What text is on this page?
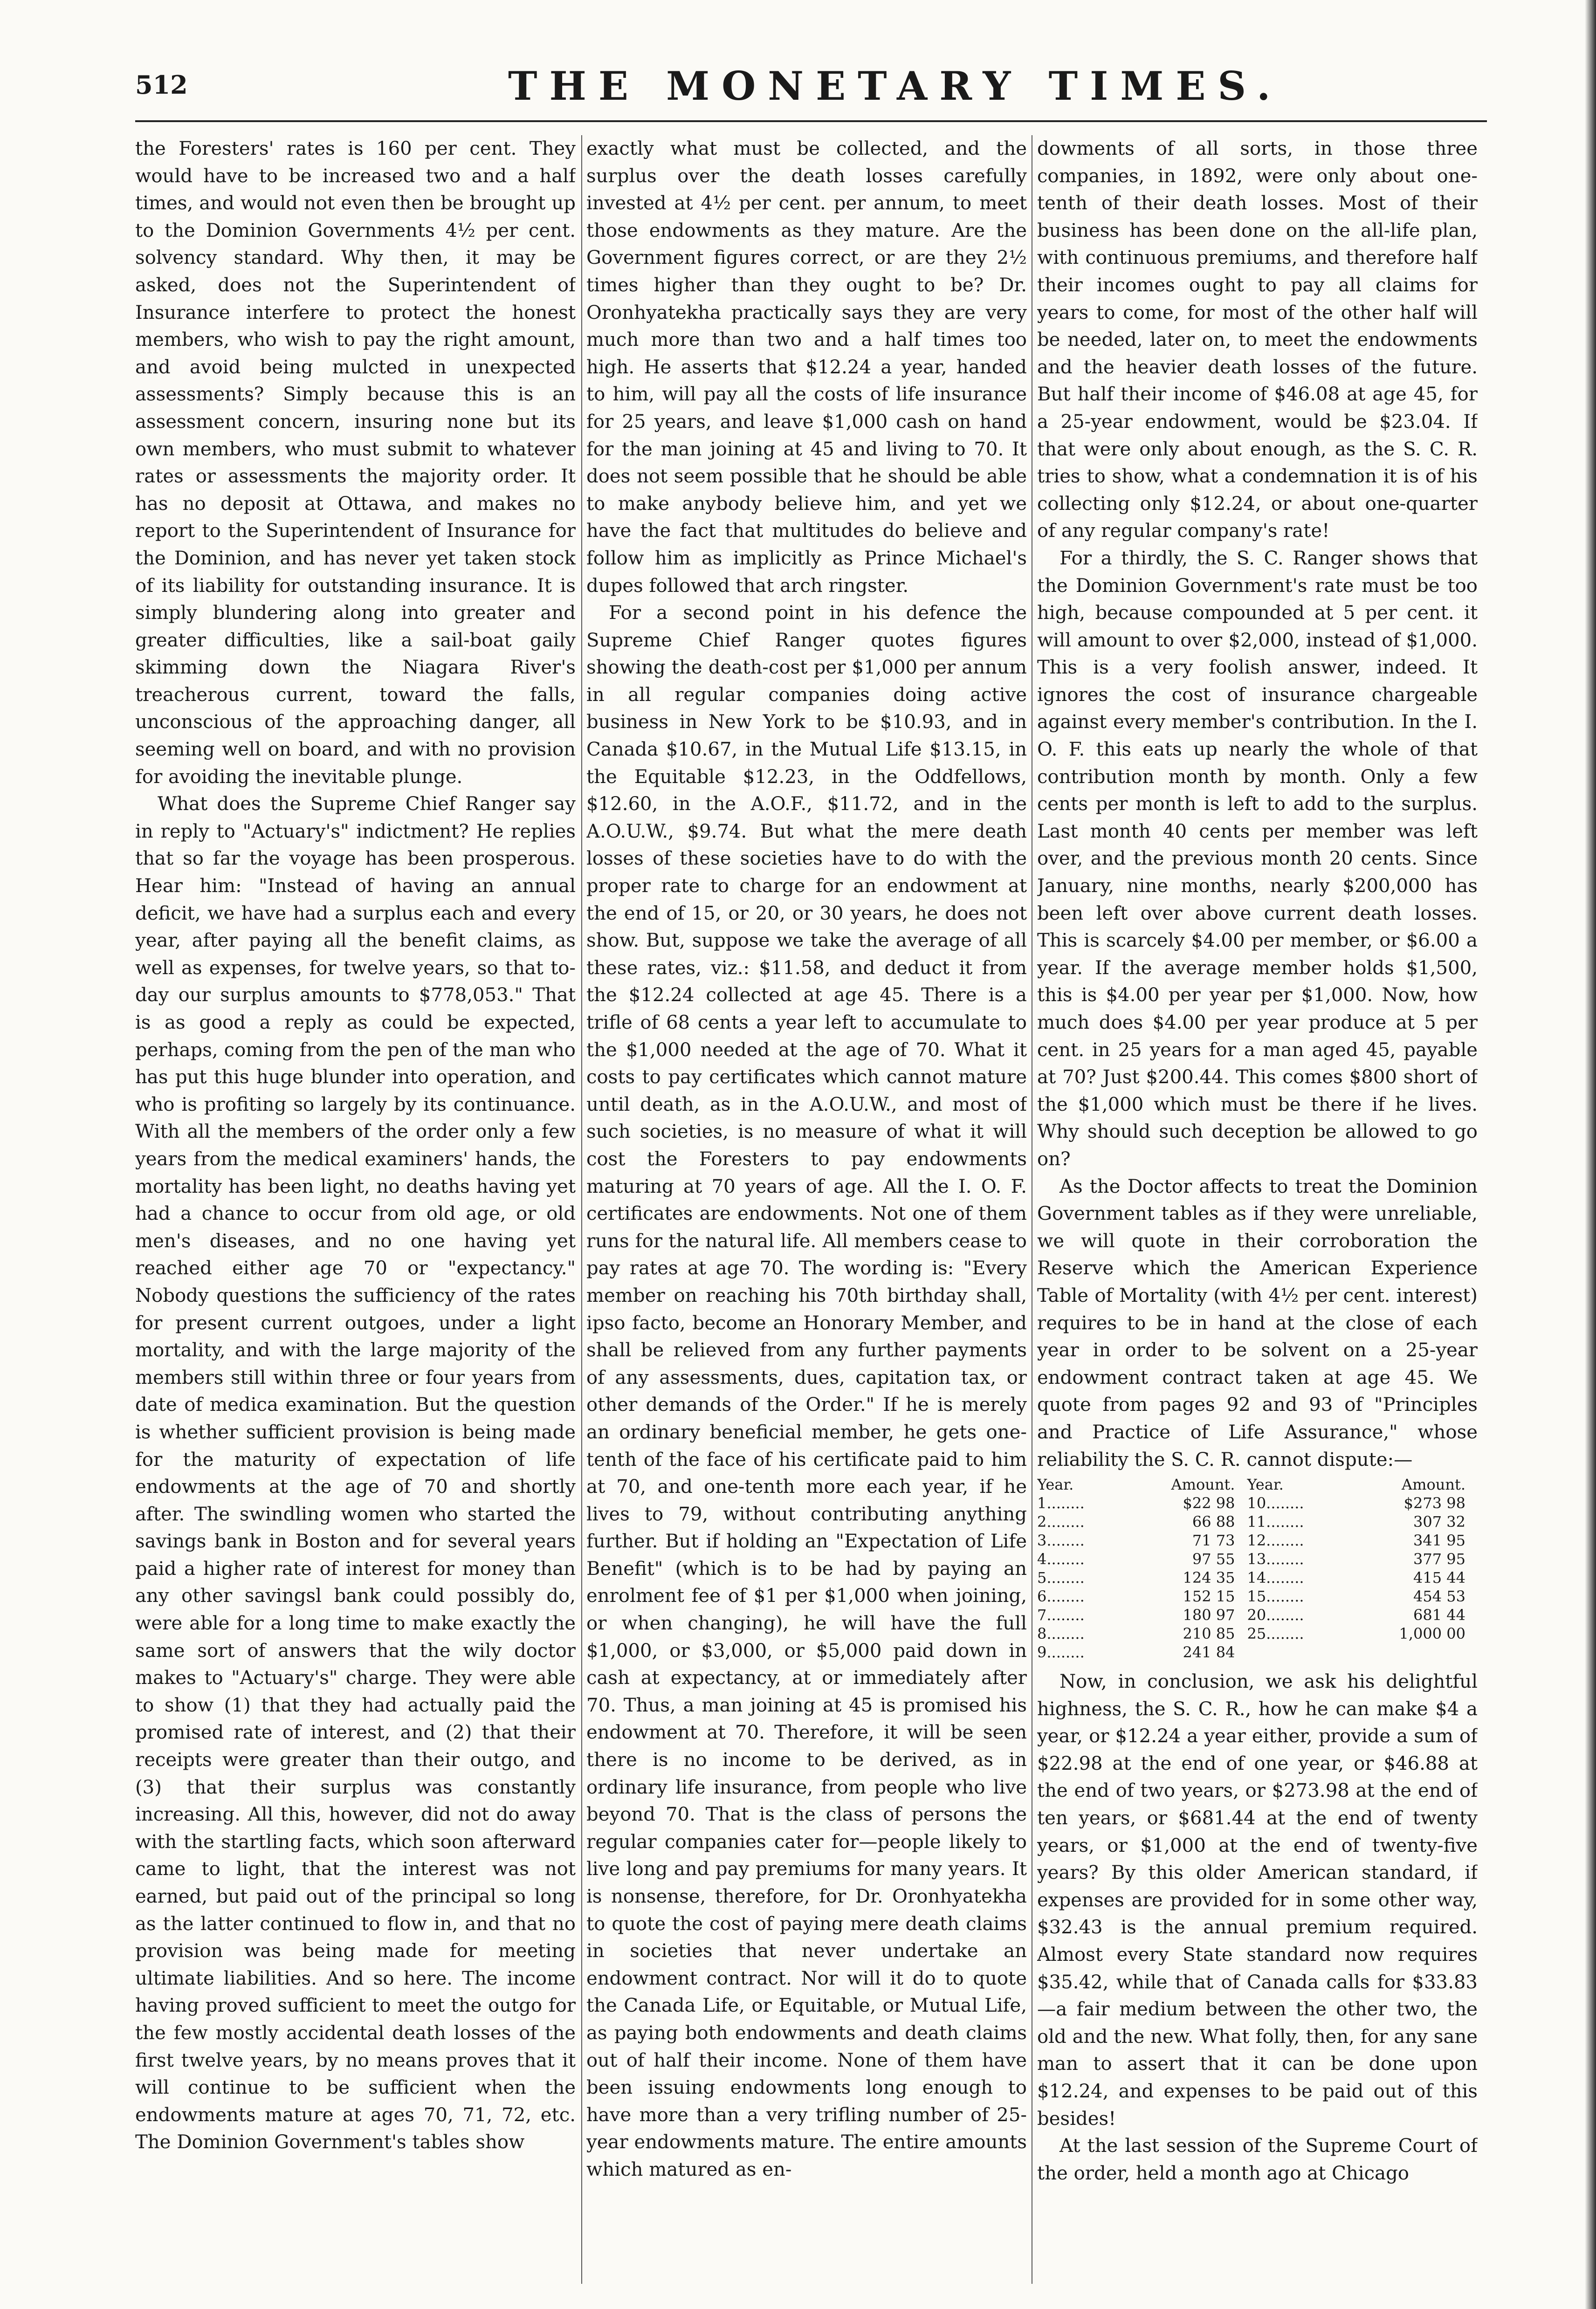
512	THE MONETARY TIMES.

the Foresters' rates is 160 per cent. They would have to be increased two and a half times, and would not even then be brought up to the Dominion Governments 4½ per cent. solvency standard. Why then, it may be asked, does not the Superintendent of Insurance interfere to protect the honest members, who wish to pay the right amount, and avoid being mulcted in unexpected assessments? Simply because this is an assessment concern, insuring none but its own members, who must submit to whatever rates or assessments the majority order. It has no deposit at Ottawa, and makes no report to the Superintendent of Insurance for the Dominion, and has never yet taken stock of its liability for outstanding insurance. It is simply blundering along into greater and greater difficulties, like a sail-boat gaily skimming down the Niagara River's treacherous current, toward the falls, unconscious of the approaching danger, all seeming well on board, and with no provision for avoiding the inevitable plunge.

What does the Supreme Chief Ranger say in reply to "Actuary's" indictment? He replies that so far the voyage has been prosperous. Hear him: "Instead of having an annual deficit, we have had a surplus each and every year, after paying all the benefit claims, as well as expenses, for twelve years, so that to-day our surplus amounts to $778,053." That is as good a reply as could be expected, perhaps, coming from the pen of the man who has put this huge blunder into operation, and who is profiting so largely by its continuance. With all the members of the order only a few years from the medical examiners' hands, the mortality has been light, no deaths having yet had a chance to occur from old age, or old men's diseases, and no one having yet reached either age 70 or "expectancy." Nobody questions the sufficiency of the rates for present current outgoes, under a light mortality, and with the large majority of the members still within three or four years from date of medica examination. But the question is whether sufficient provision is being made for the maturity of expectation of life endowments at the age of 70 and shortly after. The swindling women who started the savings bank in Boston and for several years paid a higher rate of interest for money than any other savingsl bank could possibly do, were able for a long time to make exactly the same sort of answers that the wily doctor makes to "Actuary's" charge. They were able to show (1) that they had actually paid the promised rate of interest, and (2) that their receipts were greater than their outgo, and (3) that their surplus was constantly increasing. All this, however, did not do away with the startling facts, which soon afterward came to light, that the interest was not earned, but paid out of the principal so long as the latter continued to flow in, and that no provision was being made for meeting ultimate liabilities. And so here. The income having proved sufficient to meet the outgo for the few mostly accidental death losses of the first twelve years, by no means proves that it will continue to be sufficient when the endowments mature at ages 70, 71, 72, etc. The Dominion Government's tables show

exactly what must be collected, and the surplus over the death losses carefully invested at 4½ per cent. per annum, to meet those endowments as they mature. Are the Government figures correct, or are they 2½ times higher than they ought to be? Dr. Oronhyatekha practically says they are very much more than two and a half times too high. He asserts that $12.24 a year, handed to him, will pay all the costs of life insurance for 25 years, and leave $1,000 cash on hand for the man joining at 45 and living to 70. It does not seem possible that he should be able to make anybody believe him, and yet we have the fact that multitudes do believe and follow him as implicitly as Prince Michael's dupes followed that arch ringster.

For a second point in his defence the Supreme Chief Ranger quotes figures showing the death-cost per $1,000 per annum in all regular companies doing active business in New York to be $10.93, and in Canada $10.67, in the Mutual Life $13.15, in the Equitable $12.23, in the Oddfellows, $12.60, in the A.O.F., $11.72, and in the A.O.U.W., $9.74. But what the mere death losses of these societies have to do with the proper rate to charge for an endowment at the end of 15, or 20, or 30 years, he does not show. But, suppose we take the average of all these rates, viz.: $11.58, and deduct it from the $12.24 collected at age 45. There is a trifle of 68 cents a year left to accumulate to the $1,000 needed at the age of 70. What it costs to pay certificates which cannot mature until death, as in the A.O.U.W., and most of such societies, is no measure of what it will cost the Foresters to pay endowments maturing at 70 years of age. All the I. O. F. certificates are endowments. Not one of them runs for the natural life. All members cease to pay rates at age 70. The wording is: "Every member on reaching his 70th birthday shall, ipso facto, become an Honorary Member, and shall be relieved from any further payments of any assessments, dues, capitation tax, or other demands of the Order." If he is merely an ordinary beneficial member, he gets one-tenth of the face of his certificate paid to him at 70, and one-tenth more each year, if he lives to 79, without contributing anything further. But if holding an "Expectation of Life Benefit" (which is to be had by paying an enrolment fee of $1 per $1,000 when joining, or when changing), he will have the full $1,000, or $3,000, or $5,000 paid down in cash at expectancy, at or immediately after 70. Thus, a man joining at 45 is promised his endowment at 70. Therefore, it will be seen there is no income to be derived, as in ordinary life insurance, from people who live beyond 70. That is the class of persons the regular companies cater for—people likely to live long and pay premiums for many years. It is nonsense, therefore, for Dr. Oronhyatekha to quote the cost of paying mere death claims in societies that never undertake an endowment contract. Nor will it do to quote the Canada Life, or Equitable, or Mutual Life, as paying both endowments and death claims out of half their income. None of them have been issuing endowments long enough to have more than a very trifling number of 25-year endowments mature. The entire amounts which matured as en-

dowments of all sorts, in those three companies, in 1892, were only about one-tenth of their death losses. Most of their business has been done on the all-life plan, with continuous premiums, and therefore half their incomes ought to pay all claims for years to come, for most of the other half will be needed, later on, to meet the endowments and the heavier death losses of the future. But half their income of $46.08 at age 45, for a 25-year endowment, would be $23.04. If that were only about enough, as the S. C. R. tries to show, what a condemnation it is of his collecting only $12.24, or about one-quarter of any regular company's rate!

For a thirdly, the S. C. Ranger shows that the Dominion Government's rate must be too high, because compounded at 5 per cent. it will amount to over $2,000, instead of $1,000. This is a very foolish answer, indeed. It ignores the cost of insurance chargeable against every member's contribution. In the I. O. F. this eats up nearly the whole of that contribution month by month. Only a few cents per month is left to add to the surplus. Last month 40 cents per member was left over, and the previous month 20 cents. Since January, nine months, nearly $200,000 has been left over above current death losses. This is scarcely $4.00 per member, or $6.00 a year. If the average member holds $1,500, this is $4.00 per year per $1,000. Now, how much does $4.00 per year produce at 5 per cent. in 25 years for a man aged 45, payable at 70? Just $200.44. This comes $800 short of the $1,000 which must be there if he lives. Why should such deception be allowed to go on?

As the Doctor affects to treat the Dominion Government tables as if they were unreliable, we will quote in their corroboration the Reserve which the American Experience Table of Mortality (with 4½ per cent. interest) requires to be in hand at the close of each year in order to be solvent on a 25-year endowment contract taken at age 45. We quote from pages 92 and 93 of "Principles and Practice of Life Assurance," whose reliability the S. C. R. cannot dispute:—

Year.	Amount.	Year.	Amount.
1........	$22 98	10........	$273 98
2........	66 88	11........	307 32
3........	71 73	12........	341 95
4........	97 55	13........	377 95
5........	124 35	14........	415 44
6........	152 15	15........	454 53
7........	180 97	20........	681 44
8........	210 85	25........	1,000 00
9........	241 84		

Now, in conclusion, we ask his delightful highness, the S. C. R., how he can make $4 a year, or $12.24 a year either, provide a sum of $22.98 at the end of one year, or $46.88 at the end of two years, or $273.98 at the end of ten years, or $681.44 at the end of twenty years, or $1,000 at the end of twenty-five years? By this older American standard, if expenses are provided for in some other way, $32.43 is the annual premium required. Almost every State standard now requires $35.42, while that of Canada calls for $33.83—a fair medium between the other two, the old and the new. What folly, then, for any sane man to assert that it can be done upon $12.24, and expenses to be paid out of this besides!

At the last session of the Supreme Court of the order, held a month ago at Chicago
